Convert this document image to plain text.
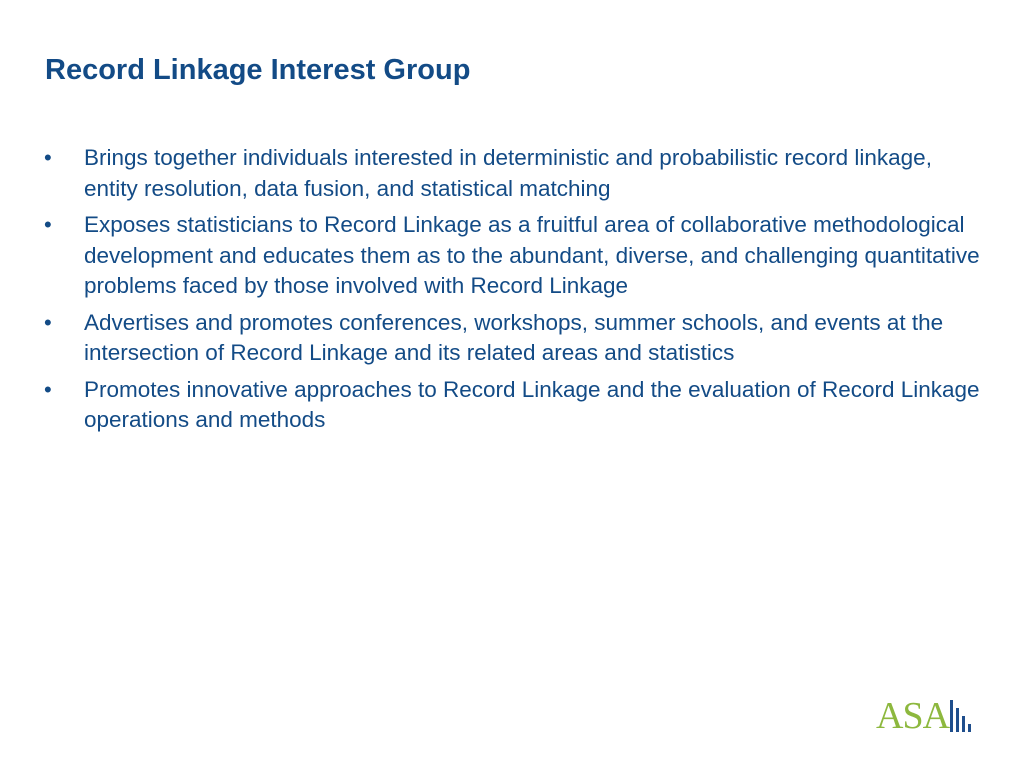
Record Linkage Interest Group
• Brings together individuals interested in deterministic and probabilistic record linkage, entity resolution, data fusion, and statistical matching
• Exposes statisticians to Record Linkage as a fruitful area of collaborative methodological development and educates them as to the abundant, diverse, and challenging quantitative problems faced by those involved with Record Linkage
• Advertises and promotes conferences, workshops, summer schools, and events at the intersection of Record Linkage and its related areas and statistics
• Promotes innovative approaches to Record Linkage and the evaluation of Record Linkage operations and methods
ASA
